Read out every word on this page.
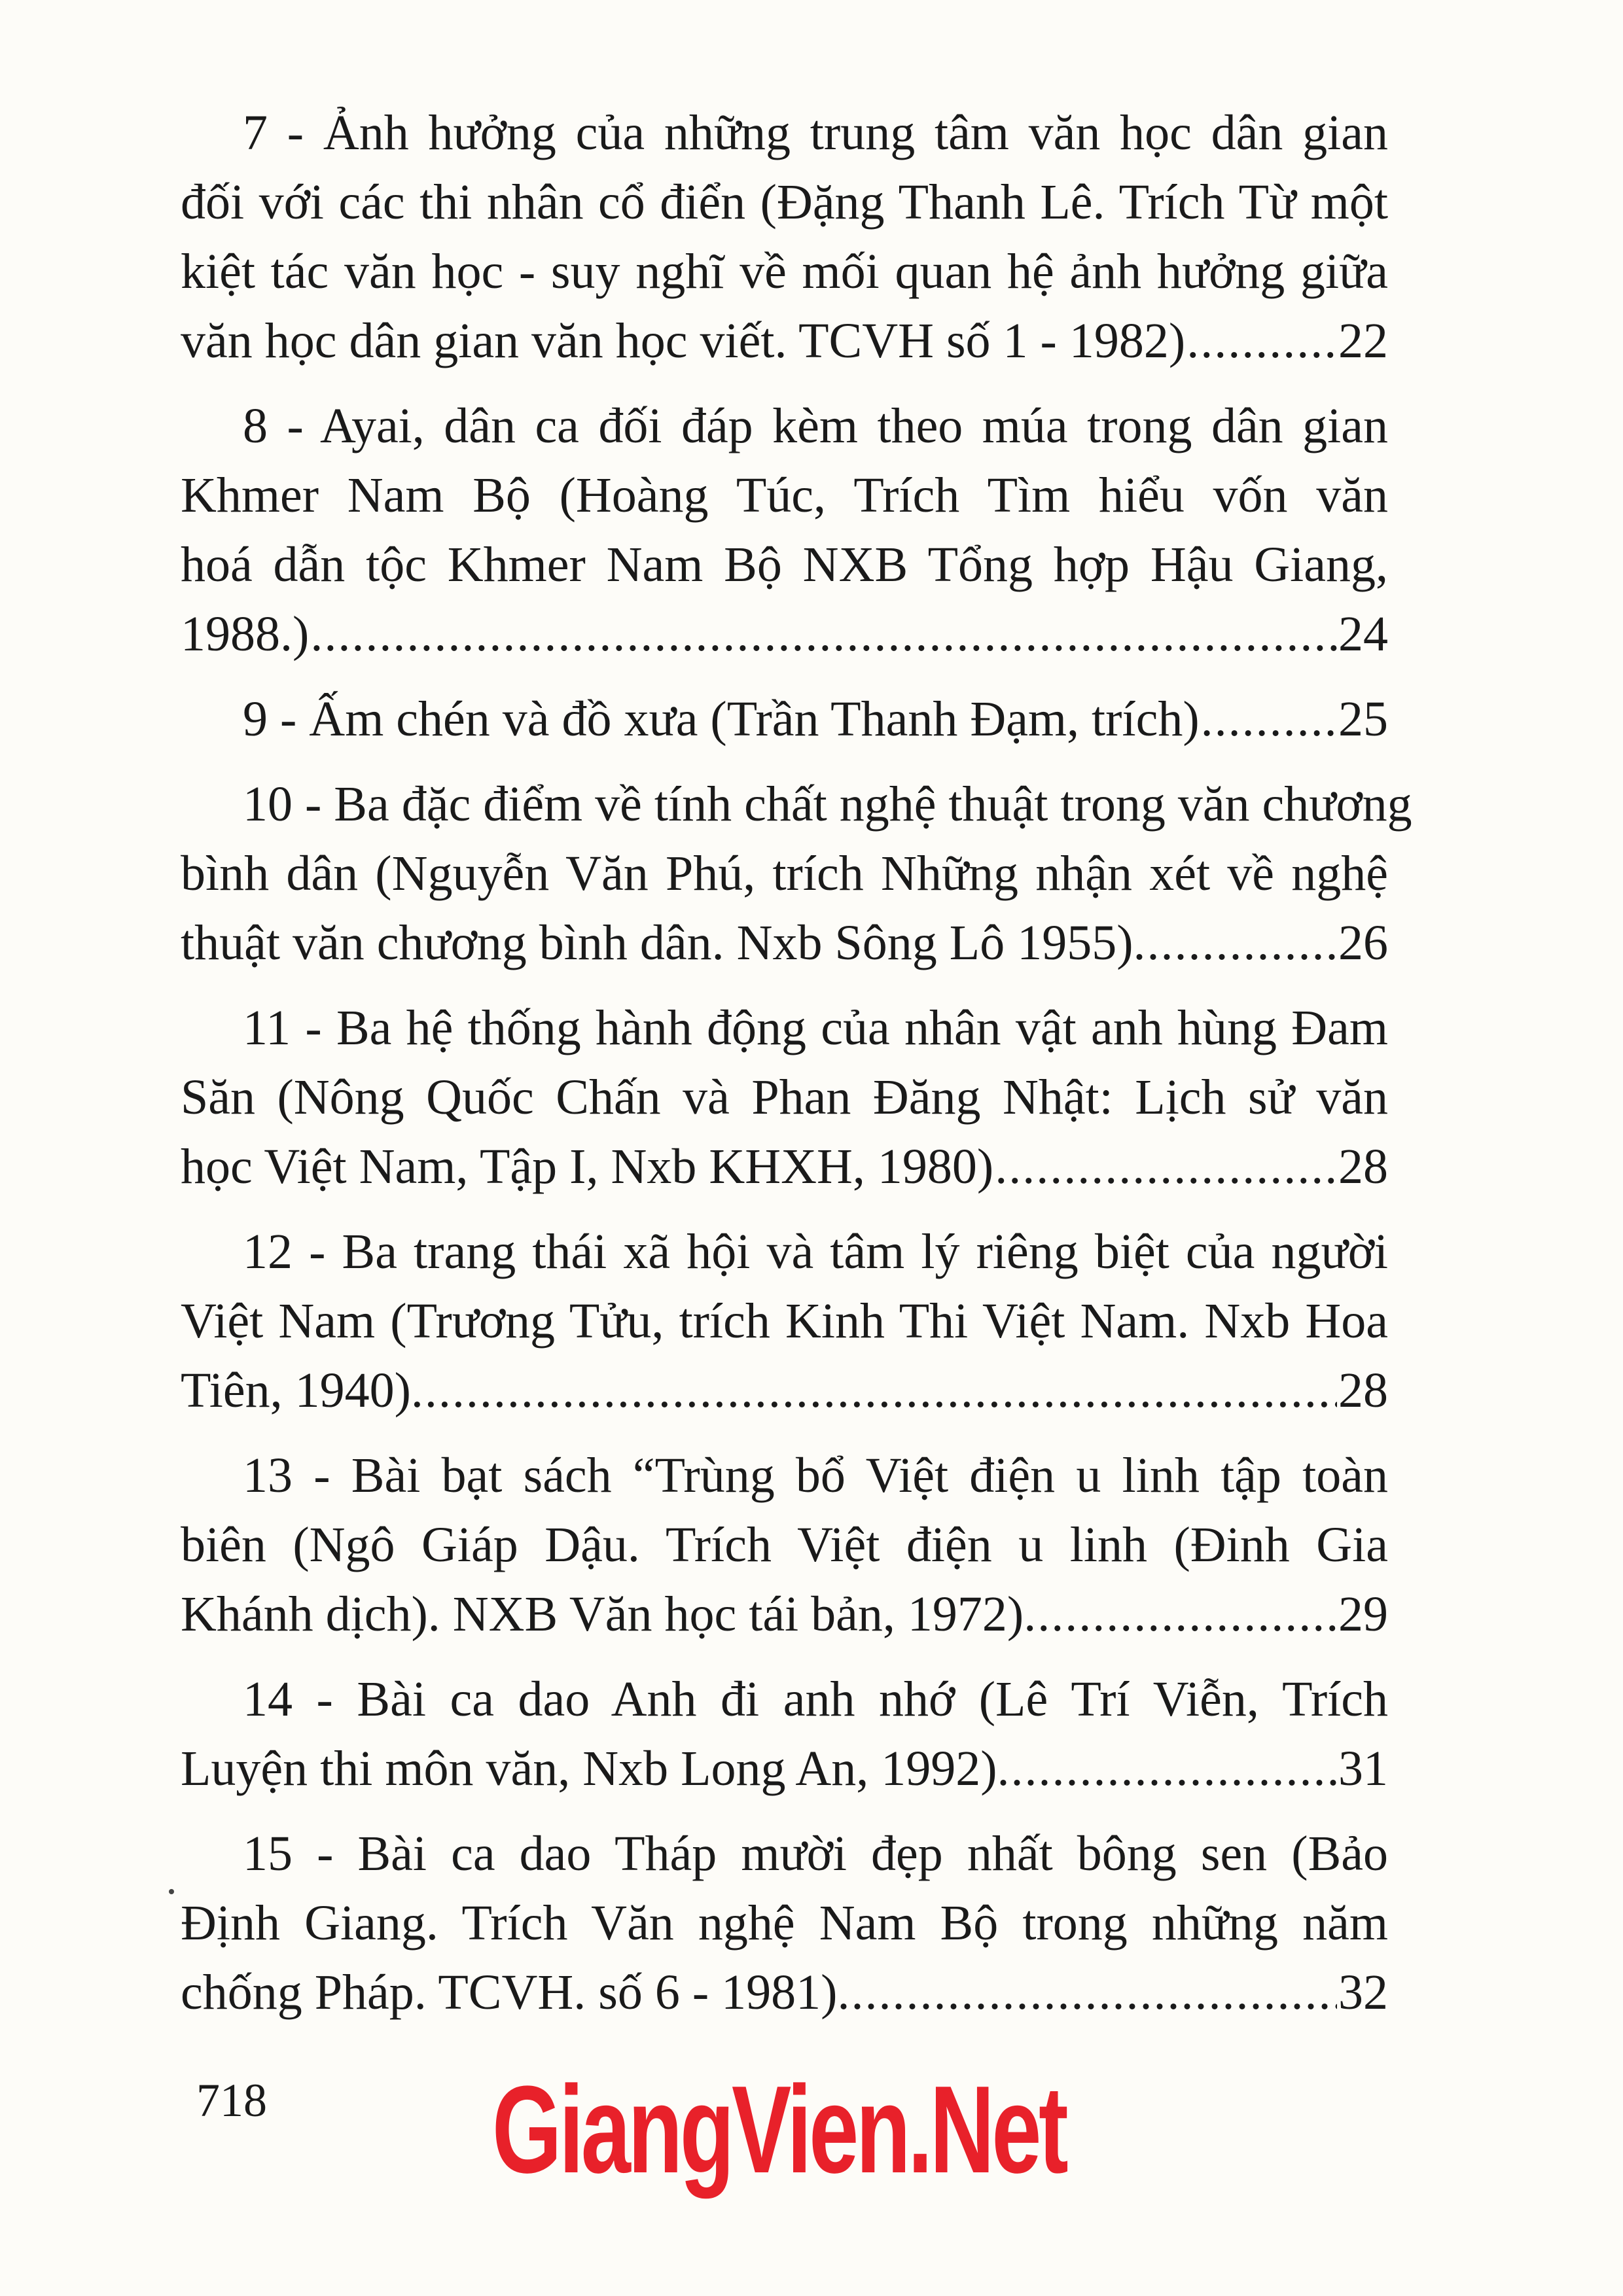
7 - Ảnh hưởng của những trung tâm văn học dân gian
đối với các thi nhân cổ điển (Đặng Thanh Lê. Trích Từ một
kiệt tác văn học - suy nghĩ về mối quan hệ ảnh hưởng giữa
văn học dân gian văn học viết. TCVH số 1 - 1982) .....	22
8 - Ayai, dân ca đối đáp kèm theo múa trong dân gian
Khmer Nam Bộ (Hoàng Túc, Trích Tìm hiểu vốn văn
hoá dẫn tộc Khmer Nam Bộ NXB Tổng hợp Hậu Giang,
1988.) .....	24
9 - Ấm chén và đồ xưa (Trần Thanh Đạm, trích) .....	25
10 - Ba đặc điểm về tính chất nghệ thuật trong văn chương
bình dân (Nguyễn Văn Phú, trích Những nhận xét về nghệ
thuật văn chương bình dân. Nxb Sông Lô 1955). .....	26
11 - Ba hệ thống hành động của nhân vật anh hùng Đam
Săn (Nông Quốc Chấn và Phan Đăng Nhật: Lịch sử văn
học Việt Nam, Tập I, Nxb KHXH, 1980) .....	28
12 - Ba trang thái xã hội và tâm lý riêng biệt của người
Việt Nam (Trương Tửu, trích Kinh Thi Việt Nam. Nxb Hoa
Tiên, 1940). .....	28
13 - Bài bạt sách “Trùng bổ Việt điện u linh tập toàn
biên (Ngô Giáp Dậu. Trích Việt điện u linh (Đinh Gia
Khánh dịch). NXB Văn học tái bản, 1972). .....	29
14 - Bài ca dao Anh đi anh nhớ (Lê Trí Viễn, Trích
Luyện thi môn văn, Nxb Long An, 1992). .....	31
15 - Bài ca dao Tháp mười đẹp nhất bông sen (Bảo
Định Giang. Trích Văn nghệ Nam Bộ trong những năm
chống Pháp. TCVH. số 6 - 1981). .....	32
718 GiangVien.Net
